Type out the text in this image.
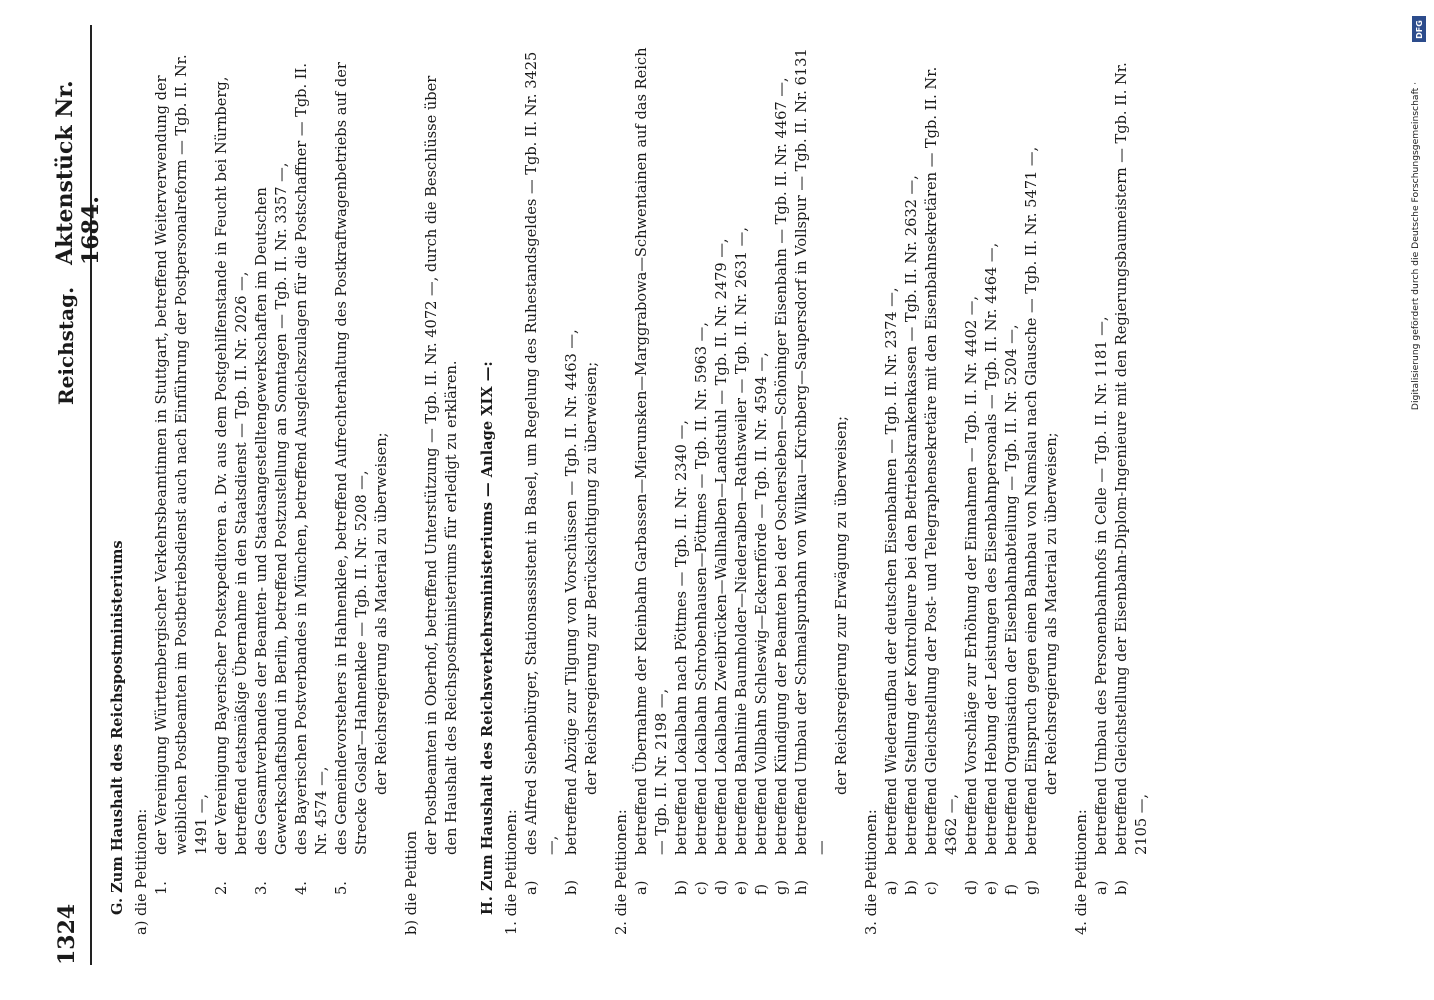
1324
Reichstag.
Aktenstück Nr. 1684.
G. Zum Haushalt des Reichspostministeriums a) die Petitionen: 1.
der Vereinigung Württembergischer Verkehrsbeamtinnen in Stuttgart, betreffend Weiterverwendung der weiblichen Postbeamten im Postbetriebsdienst auch nach Einführung der Postpersonalreform — Tgb. II. Nr. 1491 —,
2.
der Vereinigung Bayerischer Postexpeditoren a. Dv. aus dem Postgehilfenstande in Feucht bei Nürnberg, betreffend etatsmäßige Übernahme in den Staatsdienst — Tgb. II. Nr. 2026 —,
3.
des Gesamtverbandes der Beamten- und Staatsangestelltengewerkschaften im Deutschen Gewerkschaftsbund in Berlin, betreffend Postzustellung an Sonntagen — Tgb. II. Nr. 3357 —,
4.
des Bayerischen Postverbandes in München, betreffend Ausgleichszulagen für die Postschaffner — Tgb. II. Nr. 4574 —,
5.
des Gemeindevorstehers in Hahnenklee, betreffend Aufrechterhaltung des Postkraftwagenbetriebs auf der Strecke Goslar—Hahnenklee — Tgb. II. Nr. 5208 —, der Reichsregierung als Material zu überweisen;
b) die Petition
der Postbeamten in Oberhof, betreffend Unterstützung — Tgb. II. Nr. 4072 —, durch die Beschlüsse über den Haushalt des Reichspostministeriums für erledigt zu erklären. H. Zum Haushalt des Reichsverkehrsministeriums — Anlage XIX —: 1. die Petitionen: a)
des Alfred Siebenbürger, Stationsassistent in Basel, um Regelung des Ruhestandsgeldes — Tgb. II. Nr. 3425 —,
b)
betreffend Abzüge zur Tilgung von Vorschüssen — Tgb. II. Nr. 4463 —, der Reichsregierung zur Berücksichtigung zu überweisen;
2. die Petitionen: a)
betreffend Übernahme der Kleinbahn Garbassen—Mierunsken—Marggrabowa—Schwentainen auf das Reich — Tgb. II. Nr. 2198 —,
b)
betreffend Lokalbahn nach Pöttmes — Tgb. II. Nr. 2340 —,
c)
betreffend Lokalbahn Schrobenhausen—Pöttmes — Tgb. II. Nr. 5963 —,
d)
betreffend Lokalbahn Zweibrücken—Wallhalben—Landstuhl — Tgb. II. Nr. 2479 —,
e)
betreffend Bahnlinie Baumholder—Niederalben—Rathsweiler — Tgb. II. Nr. 2631 —,
f)
betreffend Vollbahn Schleswig—Eckernförde — Tgb. II. Nr. 4594 —,
g)
betreffend Kündigung der Beamten bei der Oschersleben—Schöninger Eisenbahn — Tgb. II. Nr. 4467 —,
h)
betreffend Umbau der Schmalspurbahn von Wilkau—Kirchberg—Saupersdorf in Vollspur — Tgb. II. Nr. 6131 —
der Reichsregierung zur Erwägung zu überweisen;
3. die Petitionen: a)
betreffend Wiederaufbau der deutschen Eisenbahnen — Tgb. II. Nr. 2374 —,
b)
betreffend Stellung der Kontrolleure bei den Betriebskrankenkassen — Tgb. II. Nr. 2632 —,
c)
betreffend Gleichstellung der Post- und Telegraphensekretäre mit den Eisenbahnsekretären — Tgb. II. Nr. 4362 —,
d)
betreffend Vorschläge zur Erhöhung der Einnahmen — Tgb. II. Nr. 4402 —,
e)
betreffend Hebung der Leistungen des Eisenbahnpersonals — Tgb. II. Nr. 4464 —,
f)
betreffend Organisation der Eisenbahnabteilung — Tgb. II. Nr. 5204 —,
g)
betreffend Einspruch gegen einen Bahnbau von Namslau nach Glausche — Tgb. II. Nr. 5471 —, der Reichsregierung als Material zu überweisen;
4. die Petitionen: a)
betreffend Umbau des Personenbahnhofs in Celle — Tgb. II. Nr. 1181 —,
b)
betreffend Gleichstellung der Eisenbahn-Diplom-Ingenieure mit den Regierungsbaumeistern — Tgb. II. Nr. 2105 —,
DFG
Digitalisierung gefördert durch die Deutsche Forschungsgemeinschaft ·
